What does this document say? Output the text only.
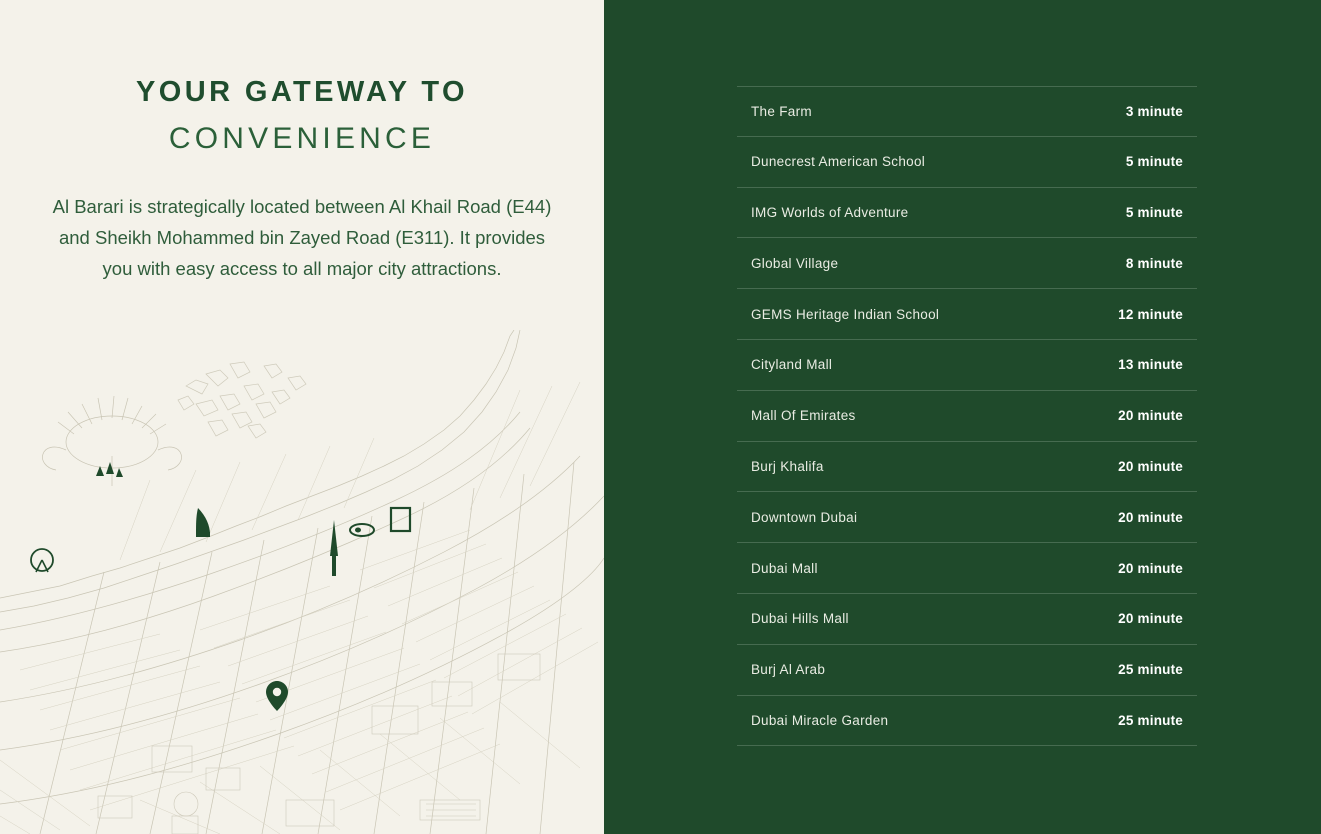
YOUR GATEWAY TO
CONVENIENCE

Al Barari is strategically located between Al Khail Road (E44) and Sheikh Mohammed bin Zayed Road (E311). It provides you with easy access to all major city attractions.

The Farm	3 minute
Dunecrest American School	5 minute
IMG Worlds of Adventure	5 minute
Global Village	8 minute
GEMS Heritage Indian School	12 minute
Cityland Mall	13 minute
Mall Of Emirates	20 minute
Burj Khalifa	20 minute
Downtown Dubai	20 minute
Dubai Mall	20 minute
Dubai Hills Mall	20 minute
Burj Al Arab	25 minute
Dubai Miracle Garden	25 minute
